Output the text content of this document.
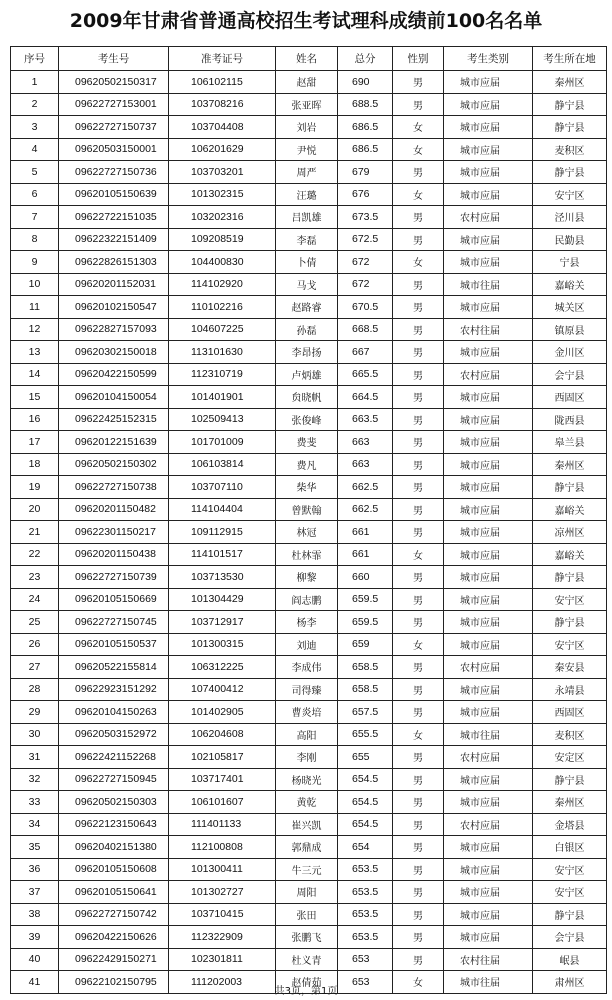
2009年甘肃省普通高校招生考试理科成绩前100名名单
序号	考生号	准考证号	姓名	总分	性别	考生类别	考生所在地
1	09620502150317	106102115	赵甜	690	男	城市应届	秦州区
2	09622727153001	103708216	张亚晖	688.5	男	城市应届	静宁县
3	09622727150737	103704408	刘岩	686.5	女	城市应届	静宁县
4	09620503150001	106201629	尹悦	686.5	女	城市应届	麦积区
5	09622727150736	103703201	周严	679	男	城市应届	静宁县
6	09620105150639	101302315	汪璐	676	女	城市应届	安宁区
7	09622722151035	103202316	吕凯雄	673.5	男	农村应届	泾川县
8	09622322151409	109208519	李磊	672.5	男	城市应届	民勤县
9	09622826151303	104400830	卜倩	672	女	城市应届	宁县
10	09620201152031	114102920	马戈	672	男	城市往届	嘉峪关
11	09620102150547	110102216	赵路睿	670.5	男	城市应届	城关区
12	09622827157093	104607225	孙磊	668.5	男	农村往届	镇原县
13	09620302150018	113101630	李昂扬	667	男	城市应届	金川区
14	09620422150599	112310719	卢炳雄	665.5	男	农村应届	会宁县
15	09620104150054	101401901	贠晓帆	664.5	男	城市应届	西固区
16	09622425152315	102509413	张俊峰	663.5	男	城市应届	陇西县
17	09620122151639	101701009	费斐	663	男	城市应届	皋兰县
18	09620502150302	106103814	费凡	663	男	城市应届	秦州区
19	09622727150738	103707110	柴华	662.5	男	城市应届	静宁县
20	09620201150482	114104404	曾默翰	662.5	男	城市应届	嘉峪关
21	09622301150217	109112915	林冠	661	男	城市应届	凉州区
22	09620201150438	114101517	杜林霏	661	女	城市应届	嘉峪关
23	09622727150739	103713530	柳黎	660	男	城市应届	静宁县
24	09620105150669	101304429	阎志鹏	659.5	男	城市应届	安宁区
25	09622727150745	103712917	杨李	659.5	男	城市应届	静宁县
26	09620105150537	101300315	刘迪	659	女	城市应届	安宁区
27	09620522155814	106312225	李成伟	658.5	男	农村应届	秦安县
28	09622923151292	107400412	司得臻	658.5	男	城市应届	永靖县
29	09620104150263	101402905	曹炎培	657.5	男	城市应届	西固区
30	09620503152972	106204608	高阳	655.5	女	城市往届	麦积区
31	09622421152268	102105817	李刚	655	男	农村应届	安定区
32	09622727150945	103717401	杨晓光	654.5	男	城市应届	静宁县
33	09620502150303	106101607	黄乾	654.5	男	城市应届	秦州区
34	09622123150643	111401133	崔兴凯	654.5	男	农村应届	金塔县
35	09620402151380	112100808	郭鼎成	654	男	城市应届	白银区
36	09620105150608	101300411	牛三元	653.5	男	城市应届	安宁区
37	09620105150641	101302727	周阳	653.5	男	城市应届	安宁区
38	09622727150742	103710415	张田	653.5	男	城市应届	静宁县
39	09620422150626	112322909	张鹏飞	653.5	男	城市应届	会宁县
40	09622429150271	102301811	杜义青	653	男	农村往届	岷县
41	09622102150795	111202003	赵倩茹	653	女	城市往届	肃州区
共3页，第1页
